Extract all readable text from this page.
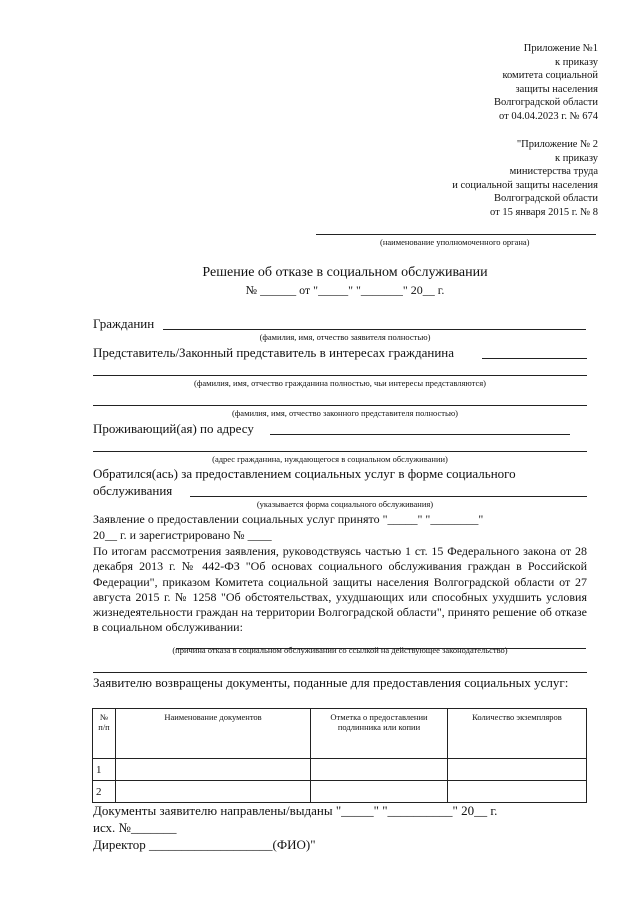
Приложение №1
к приказу
комитета социальной
защиты населения
Волгоградской области
от 04.04.2023 г. № 674
"Приложение № 2
к приказу
министерства труда
и социальной защиты населения
Волгоградской области
от 15 января 2015 г. № 8
(наименование уполномоченного органа)
Решение об отказе в социальном обслуживании
№ ______ от "_____" "_______" 20__ г.
Гражданин
(фамилия, имя, отчество заявителя полностью)
Представитель/Законный представитель в интересах гражданина
(фамилия, имя, отчество гражданина полностью, чьи интересы представляются)
(фамилия, имя, отчество законного представителя полностью)
Проживающий(ая) по адресу
(адрес гражданина, нуждающегося в социальном обслуживании)
Обратился(ась) за предоставлением социальных услуг в форме социального
обслуживания
(указывается форма социального обслуживания)
Заявление о предоставлении социальных услуг принято "_____" "________"
20__ г. и зарегистрировано № ____
По итогам рассмотрения заявления, руководствуясь частью 1 ст. 15 Федерального закона от 28 декабря 2013 г. № 442-ФЗ "Об основах социального обслуживания граждан в Российской Федерации", приказом Комитета социальной защиты населения Волгоградской области от 27 августа 2015 г. № 1258 "Об обстоятельствах, ухудшающих или способных ухудшить условия жизнедеятельности граждан на территории Волгоградской области", принято решение об отказе в социальном обслуживании:
(причина отказа в социальном обслуживании со ссылкой на действующее законодательство)
Заявителю возвращены документы, поданные для предоставления социальных услуг:
№ п/п	Наименование документов	Отметка о предоставлении подлинника или копии	Количество экземпляров
1			
2			
Документы заявителю направлены/выданы "_____" "__________" 20__ г.
исх. №_______
Директор ___________________(ФИО)"
